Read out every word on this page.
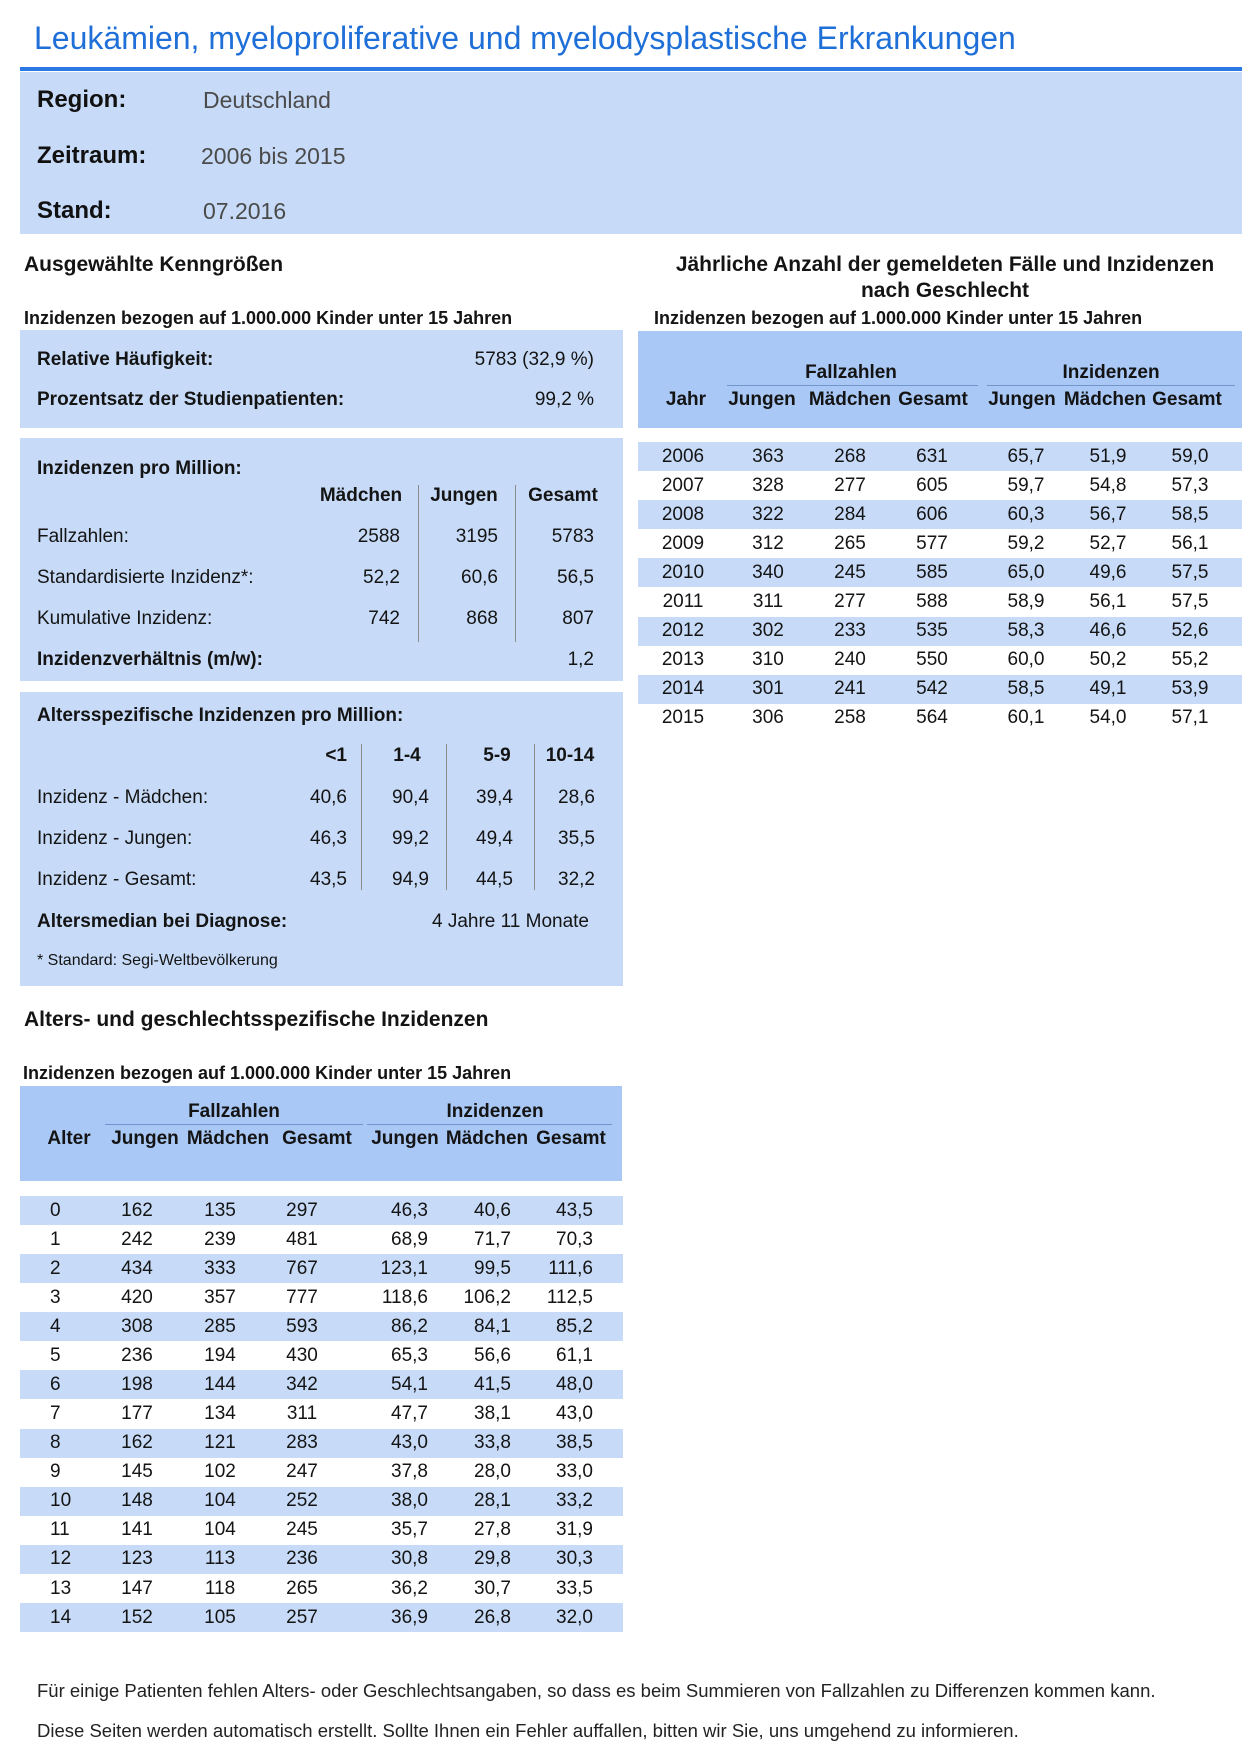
Leukämien, myeloproliferative und myelodysplastische Erkrankungen
Region:	Deutschland
Zeitraum: 2006 bis 2015
Stand:	07.2016
Ausgewählte Kenngrößen
Inzidenzen bezogen auf 1.000.000 Kinder unter 15 Jahren
Relative Häufigkeit:	5783 (32,9 %)
Prozentsatz der Studienpatienten:	99,2 %
Inzidenzen pro Million:
Inzidenzverhältnis (m/w):	1,2
Altersspezifische Inzidenzen pro Million:
Altersmedian bei Diagnose:	4 Jahre 11 Monate
* Standard: Segi-Weltbevölkerung
Jährliche Anzahl der gemeldeten Fälle und Inzidenzen
nach Geschlecht
Inzidenzen bezogen auf 1.000.000 Kinder unter 15 Jahren
Alters- und geschlechtsspezifische Inzidenzen
Inzidenzen bezogen auf 1.000.000 Kinder unter 15 Jahren
Für einige Patienten fehlen Alters- oder Geschlechtsangaben, so dass es beim Summieren von Fallzahlen zu Differenzen kommen kann.
Diese Seiten werden automatisch erstellt. Sollte Ihnen ein Fehler auffallen, bitten wir Sie, uns umgehend zu informieren.
Mädchen	Jungen	Gesamt
Fallzahlen:	2588	3195	5783
Standardisierte Inzidenz*:	52,2	60,6	56,5
Kumulative Inzidenz:	742	868	807
<1	1-4	5-9	10-14
Inzidenz - Mädchen:	40,6	90,4	39,4	28,6
Inzidenz - Jungen:	46,3	99,2	49,4	35,5
Inzidenz - Gesamt:	43,5	94,9	44,5	32,2
Fallzahlen	Inzidenzen
Jahr	Jungen Mädchen Gesamt	Jungen Mädchen Gesamt
2006	363	268	631	65,7	51,9	59,0
2007	328	277	605	59,7	54,8	57,3
2008	322	284	606	60,3	56,7	58,5
2009	312	265	577	59,2	52,7	56,1
2010	340	245	585	65,0	49,6	57,5
2011	311	277	588	58,9	56,1	57,5
2012	302	233	535	58,3	46,6	52,6
2013	310	240	550	60,0	50,2	55,2
2014	301	241	542	58,5	49,1	53,9
2015	306	258	564	60,1	54,0	57,1
Fallzahlen	Inzidenzen
Alter	Jungen Mädchen Gesamt	Jungen Mädchen Gesamt
0	162	135	297	46,3	40,6	43,5
1	242	239	481	68,9	71,7	70,3
2	434	333	767	123,1	99,5	111,6
3	420	357	777	118,6	106,2	112,5
4	308	285	593	86,2	84,1	85,2
5	236	194	430	65,3	56,6	61,1
6	198	144	342	54,1	41,5	48,0
7	177	134	311	47,7	38,1	43,0
8	162	121	283	43,0	33,8	38,5
9	145	102	247	37,8	28,0	33,0
10	148	104	252	38,0	28,1	33,2
11	141	104	245	35,7	27,8	31,9
12	123	113	236	30,8	29,8	30,3
13	147	118	265	36,2	30,7	33,5
14	152	105	257	36,9	26,8	32,0
